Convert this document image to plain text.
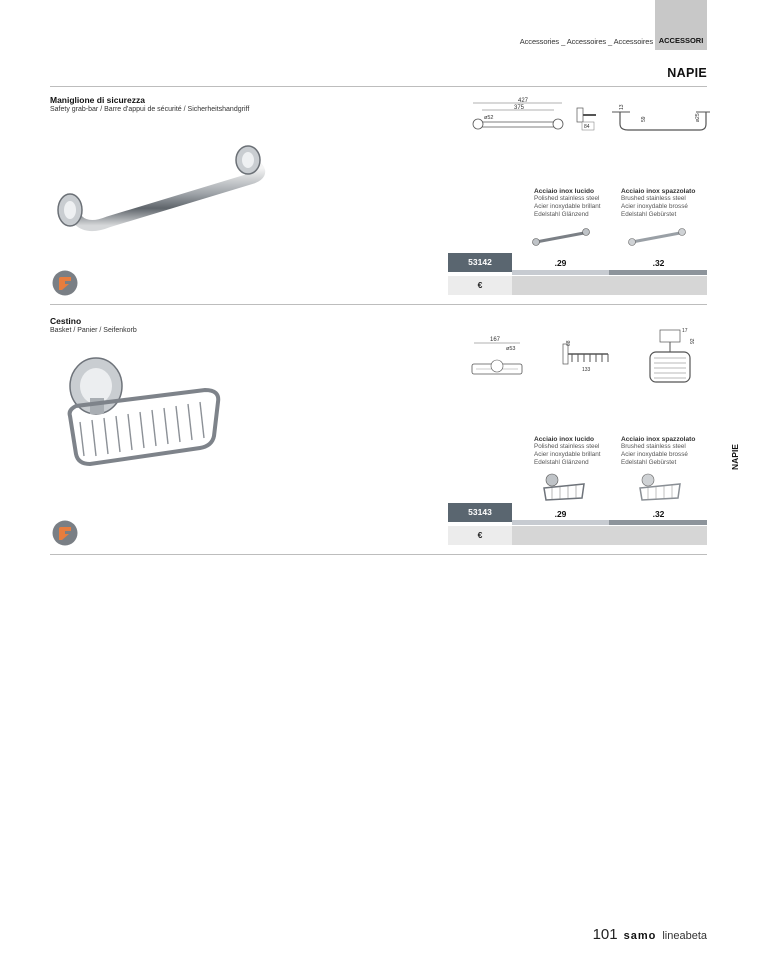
Accessories _ Accessoires _ Accessoires ACCESSORI
NAPIE
Maniglione di sicurezza
Safety grab-bar / Barre d'appui de sécurité / Sicherheitshandgriff
427
375
ø52
84
13
59	ø25
Acciaio inox lucido
Polished stainless steel
Acier inoxydable brillant
Edelstahl Glänzend
Acciaio inox spazzolato
Brushed stainless steel
Acier inoxydable brossé
Edelstahl Gebürstet
53142	.29	.32
€
Cestino
Basket / Panier / Seifenkorb
167
ø53
68
133
17
92
Acciaio inox lucido
Polished stainless steel
Acier inoxydable brillant
Edelstahl Glänzend
Acciaio inox spazzolato
Brushed stainless steel
Acier inoxydable brossé
Edelstahl Gebürstet
53143	.29	.32
€
NAPIE
101 samo lineabeta
